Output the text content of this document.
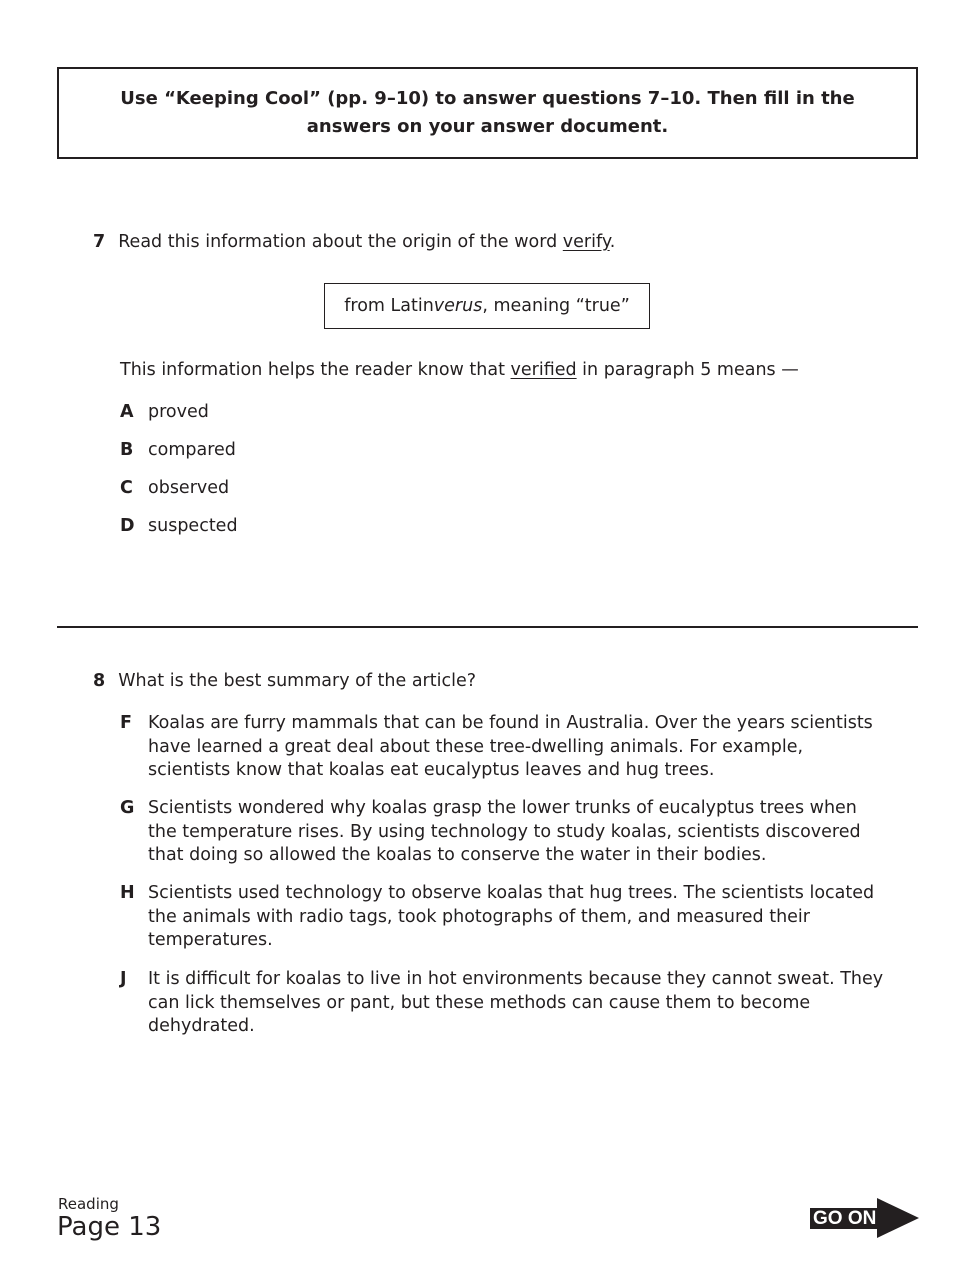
Use “Keeping Cool” (pp. 9–10) to answer questions 7–10. Then fill in the answers on your answer document.
7 Read this information about the origin of the word verify.
from Latin verus , meaning “true”
This information helps the reader know that verified in paragraph 5 means —
A proved
B compared
C observed
D suspected
8 What is the best summary of the article?
F Koalas are furry mammals that can be found in Australia. Over the years scientists have learned a great deal about these tree-dwelling animals. For example, scientists know that koalas eat eucalyptus leaves and hug trees.
G Scientists wondered why koalas grasp the lower trunks of eucalyptus trees when the temperature rises. By using technology to study koalas, scientists discovered that doing so allowed the koalas to conserve the water in their bodies.
H Scientists used technology to observe koalas that hug trees. The scientists located the animals with radio tags, took photographs of them, and measured their temperatures.
J	It is difficult for koalas to live in hot environments because they cannot sweat. They can lick themselves or pant, but these methods can cause them to become dehydrated.
Reading
Page 13	GO ON
